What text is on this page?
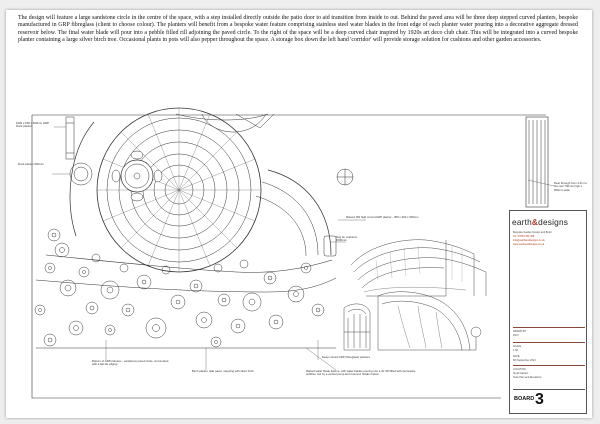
The design will feature a large sandstone circle in the centre of the space, with a step installed directly outside the patio door to aid transition from inside to out. Behind the paved area will be three deep stepped curved planters, bespoke manufactured in GRP fibreglass (client to choose colour). The planters will benefit from a bespoke water feature comprising stainless steel water blades in the front edge of each planter water pouring into a decorative aggregate dressed reservoir below. The final water blade will pour into a pebble filled rill adjoining the paved circle. To the right of the space will be a deep curved chair inspired by 1920s art deco club chair. This will be integrated into a curved bespoke planter containing a large silver birch tree. Occasional plants in pots will also pepper throughout the space. A storage box down the left hand 'corridor' will provide storage solution for cushions and other garden accessories.

1000 x 500 x 600mm GRP Rock planter
Rock planter 600mm
Raised 150 high curved GRP planter - 350 x 300 x 900mm
Rug for cushions 1500mm
Rear through from 2.4m to the rear 700mm high x 600mm wide
Deep curved GRP (fibreglass) planters
Bottom of GRP planters - sandstone paved circle, surrounded with a flat tile edging
Birch planter, slab paver, stepping with silver birch	Raised water blade feature, with water blades pouring into a rill. Rill filled with decorative pebbles, fed by a central pump and reservoir hidden below
earth&designs
Bespoke Garden Design and Build
Tel: 07843 434 468
info@earthanddesigns.co.uk
www.earthanddesigns.co.uk
DRAWN BY
DCN
SCALE
1:50
DATE
8th September 2013
LOCATION
Small Garden
Suite Plan and Elevations
BOARD 3
